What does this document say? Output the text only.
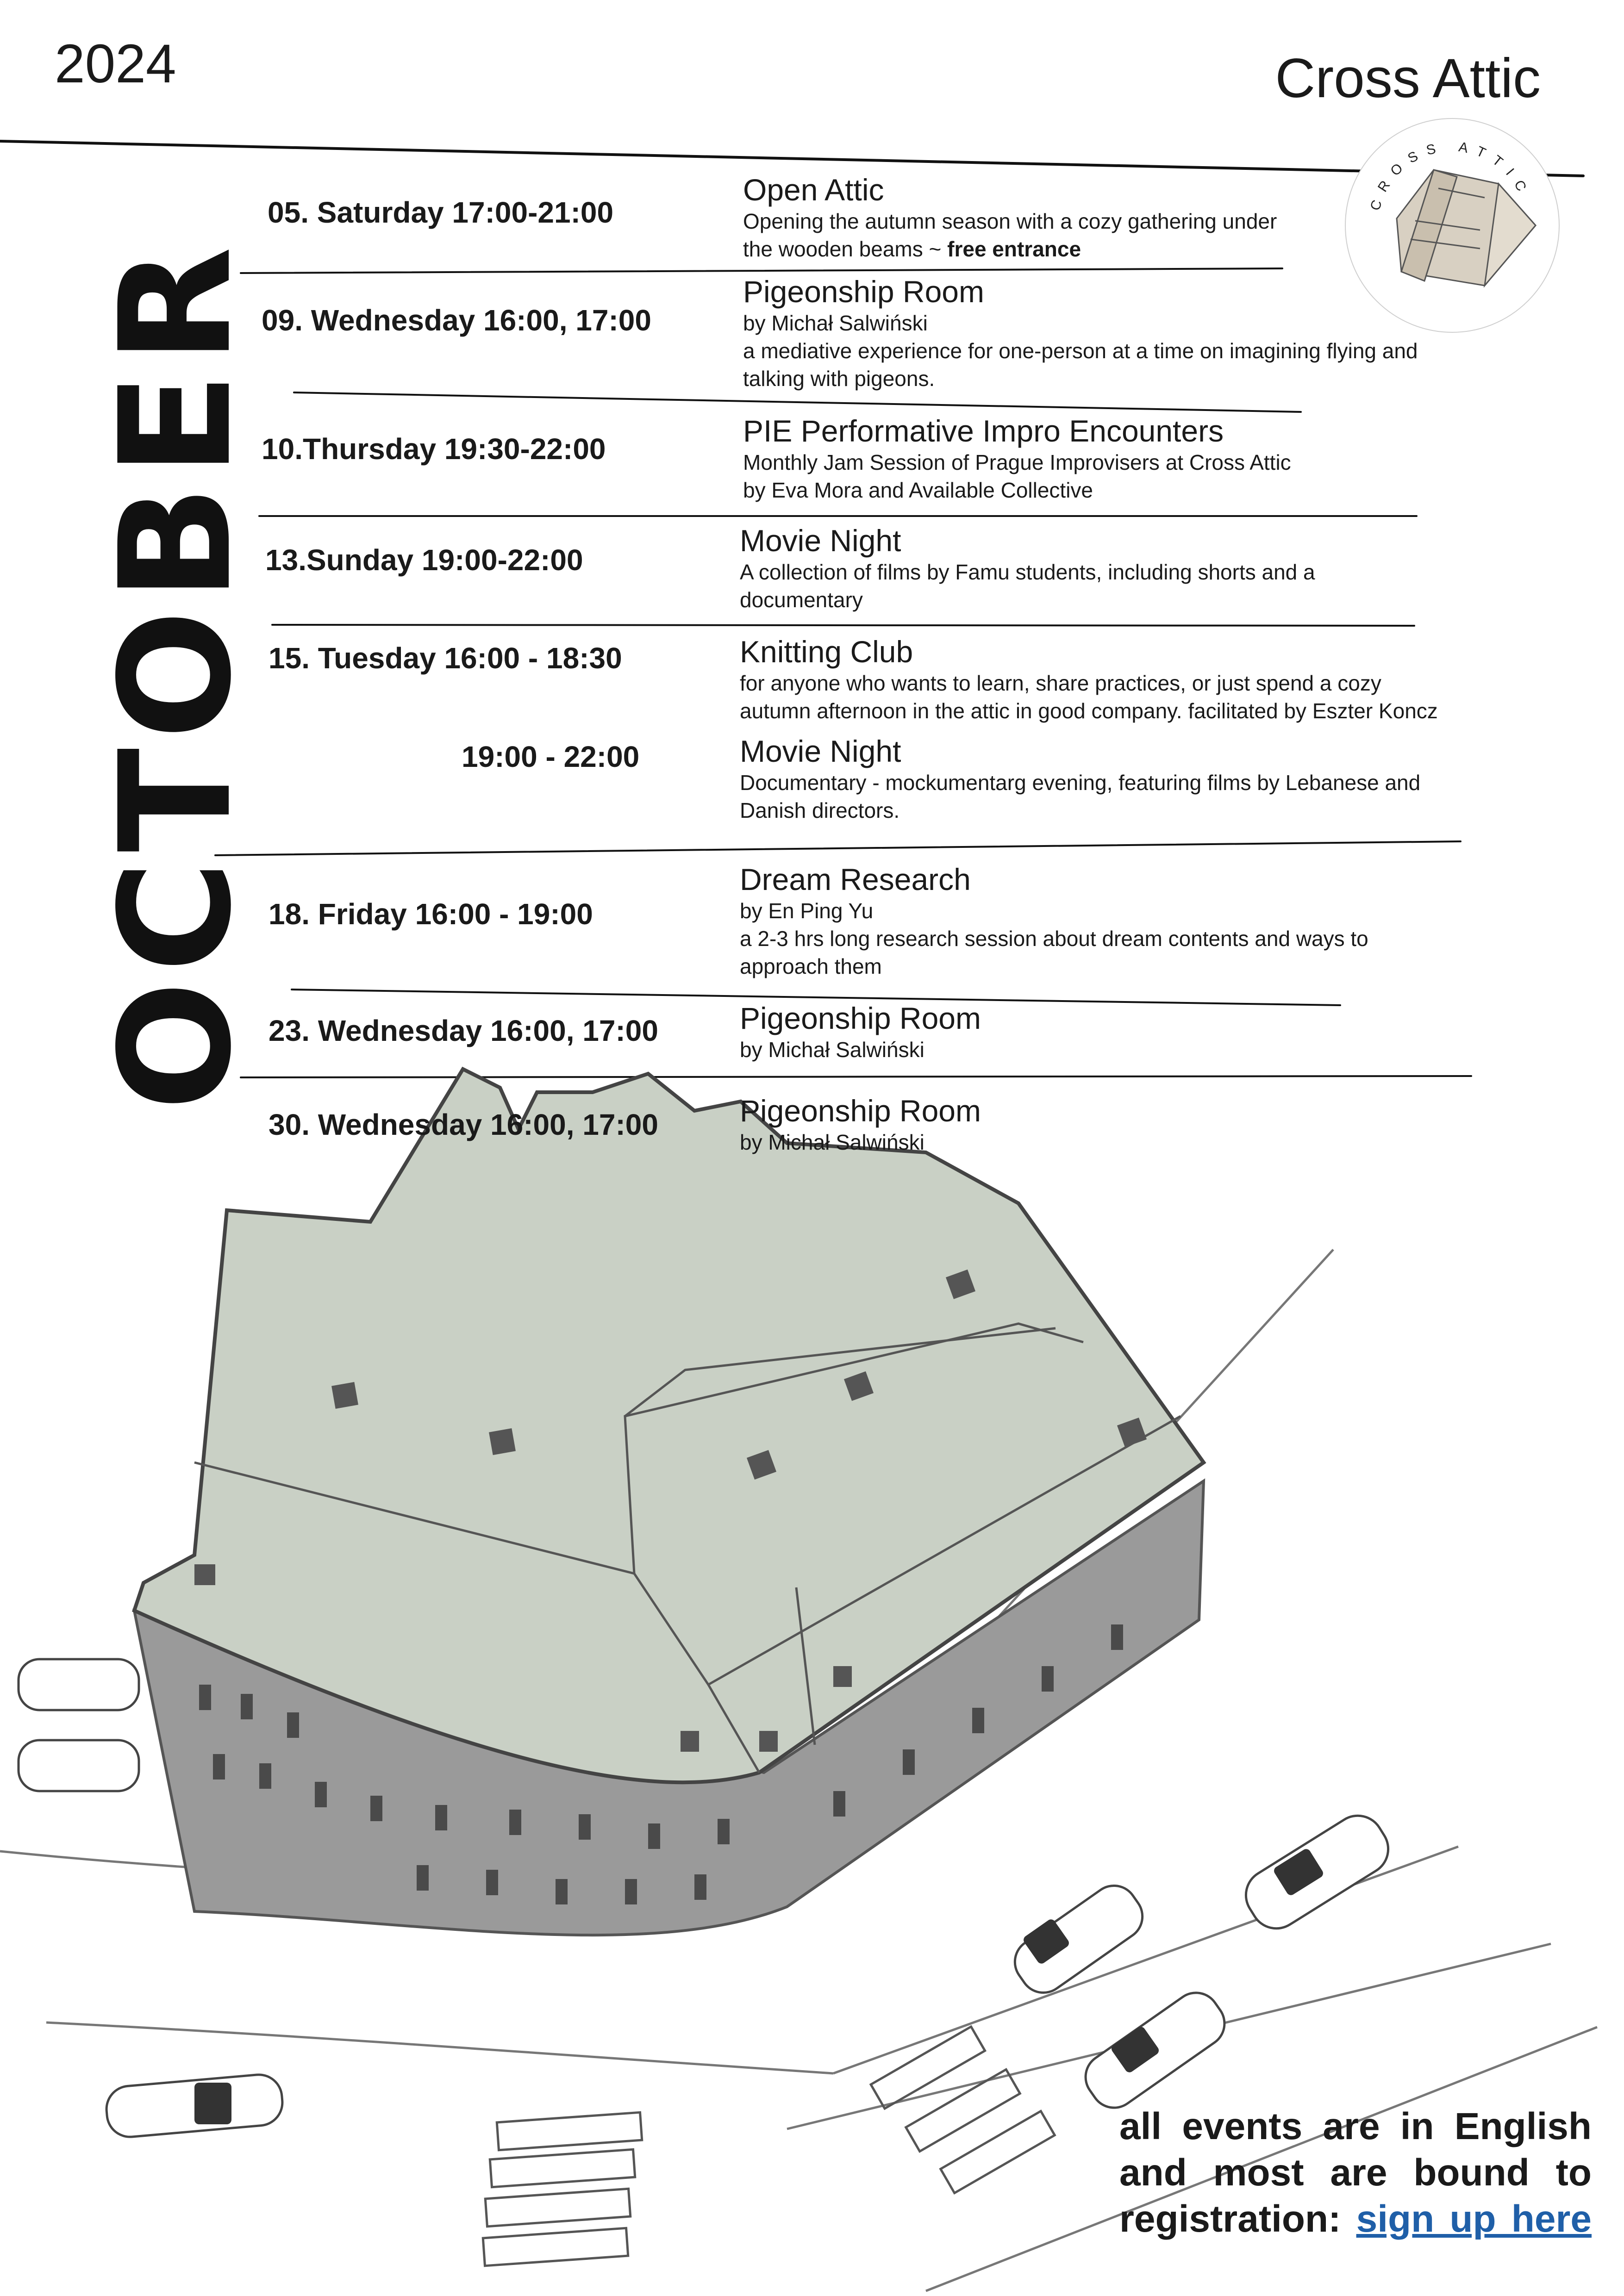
2024	Cross Attic
OCTOBER
CROSS ATTIC
05. Saturday 17:00-21:00
Open Attic
Opening the autumn season with a cozy gathering under
the wooden beams ~ free entrance
09. Wednesday 16:00, 17:00
Pigeonship Room
by Michał Salwiński
a mediative experience for one-person at a time on imagining flying and
talking with pigeons.
10.Thursday 19:30-22:00
PIE Performative Impro Encounters
Monthly Jam Session of Prague Improvisers at Cross Attic
by Eva Mora and Available Collective
13.Sunday 19:00-22:00
Movie Night
A collection of films by Famu students, including shorts and a
documentary
15. Tuesday 16:00 - 18:30	Knitting Club
for anyone who wants to learn, share practices, or just spend a cozy
autumn afternoon in the attic in good company. facilitated by Eszter Koncz
19:00 - 22:00	Movie Night
Documentary - mockumentarg evening, featuring films by Lebanese and
Danish directors.
18. Friday 16:00 - 19:00
Dream Research
by En Ping Yu
a 2-3 hrs long research session about dream contents and ways to
approach them
23. Wednesday 16:00, 17:00	Pigeonship Room
by Michał Salwiński
30. Wednesday 16:00, 17:00	Pigeonship Room
by Michał Salwiński
all events are in English and most are bound to registration: sign up here
